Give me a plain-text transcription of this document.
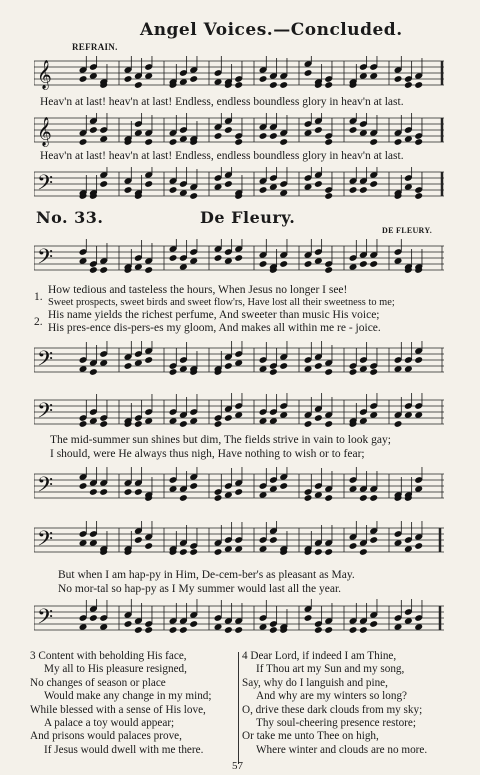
Angel Voices.—Concluded.
REFRAIN.
𝄞
Heav'n at last! heav'n at last! Endless, endless boundless glory in heav'n at last.
𝄞
Heav'n at last! heav'n at last! Endless, endless boundless glory in heav'n at last.
𝄢
No. 33.	De Fleury.
DE FLEURY.
𝄢
1.
How tedious and tasteless the hours, When Jesus no longer I see!
Sweet prospects, sweet birds and sweet flow'rs, Have lost all their sweetness to me;
2.
His name yields the richest perfume, And sweeter than music His voice;
His pres-ence dis-pers-es my gloom, And makes all within me re - joice.
𝄢
𝄢
The mid-summer sun shines but dim, The fields strive in vain to look gay;
I should, were He always thus nigh, Have nothing to wish or to fear;
𝄢
𝄢
But when I am hap-py in Him, De-cem-ber's as pleasant as May.
No mor-tal so hap-py as I My summer would last all the year.
𝄢
3 Content with beholding His face,
My all to His pleasure resigned,
No changes of season or place
Would make any change in my mind;
While blessed with a sense of His love,
A palace a toy would appear;
And prisons would palaces prove,
If Jesus would dwell with me there.
4 Dear Lord, if indeed I am Thine,
If Thou art my Sun and my song,
Say, why do I languish and pine,
And why are my winters so long?
O, drive these dark clouds from my sky;
Thy soul-cheering presence restore;
Or take me unto Thee on high,
Where winter and clouds are no more.
57
